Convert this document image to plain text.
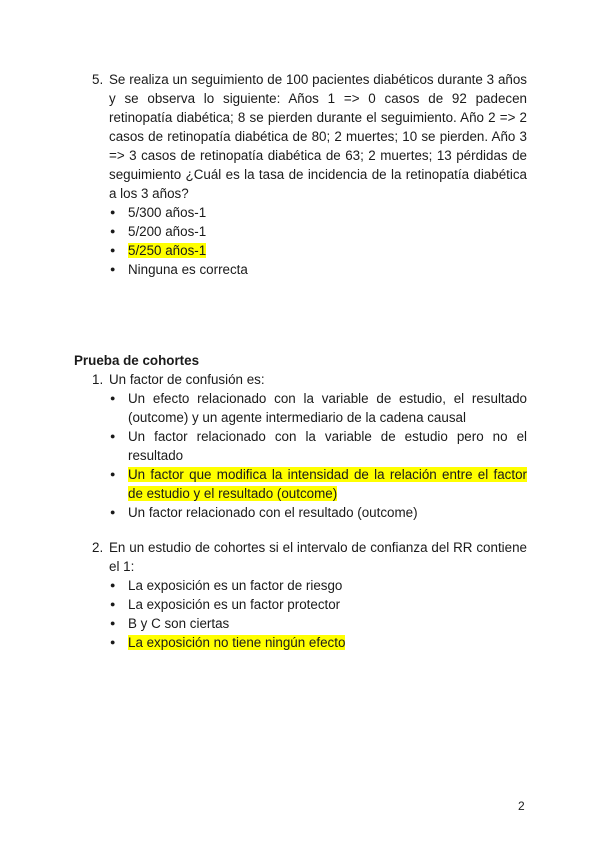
5. Se realiza un seguimiento de 100 pacientes diabéticos durante 3 años y se observa lo siguiente: Años 1 => 0 casos de 92 padecen retinopatía diabética; 8 se pierden durante el seguimiento. Año 2 => 2 casos de retinopatía diabética de 80; 2 muertes; 10 se pierden. Año 3 => 3 casos de retinopatía diabética de 63; 2 muertes; 13 pérdidas de seguimiento ¿Cuál es la tasa de incidencia de la retinopatía diabética a los 3 años?
● 5/300 años-1
● 5/200 años-1
● 5/250 años-1
● Ninguna es correcta
Prueba de cohortes
1. Un factor de confusión es:
● Un efecto relacionado con la variable de estudio, el resultado (outcome) y un agente intermediario de la cadena causal
● Un factor relacionado con la variable de estudio pero no el resultado
● Un factor que modifica la intensidad de la relación entre el factor de estudio y el resultado (outcome)
● Un factor relacionado con el resultado (outcome)
2. En un estudio de cohortes si el intervalo de confianza del RR contiene el 1:
● La exposición es un factor de riesgo
● La exposición es un factor protector
● B y C son ciertas
● La exposición no tiene ningún efecto
2
